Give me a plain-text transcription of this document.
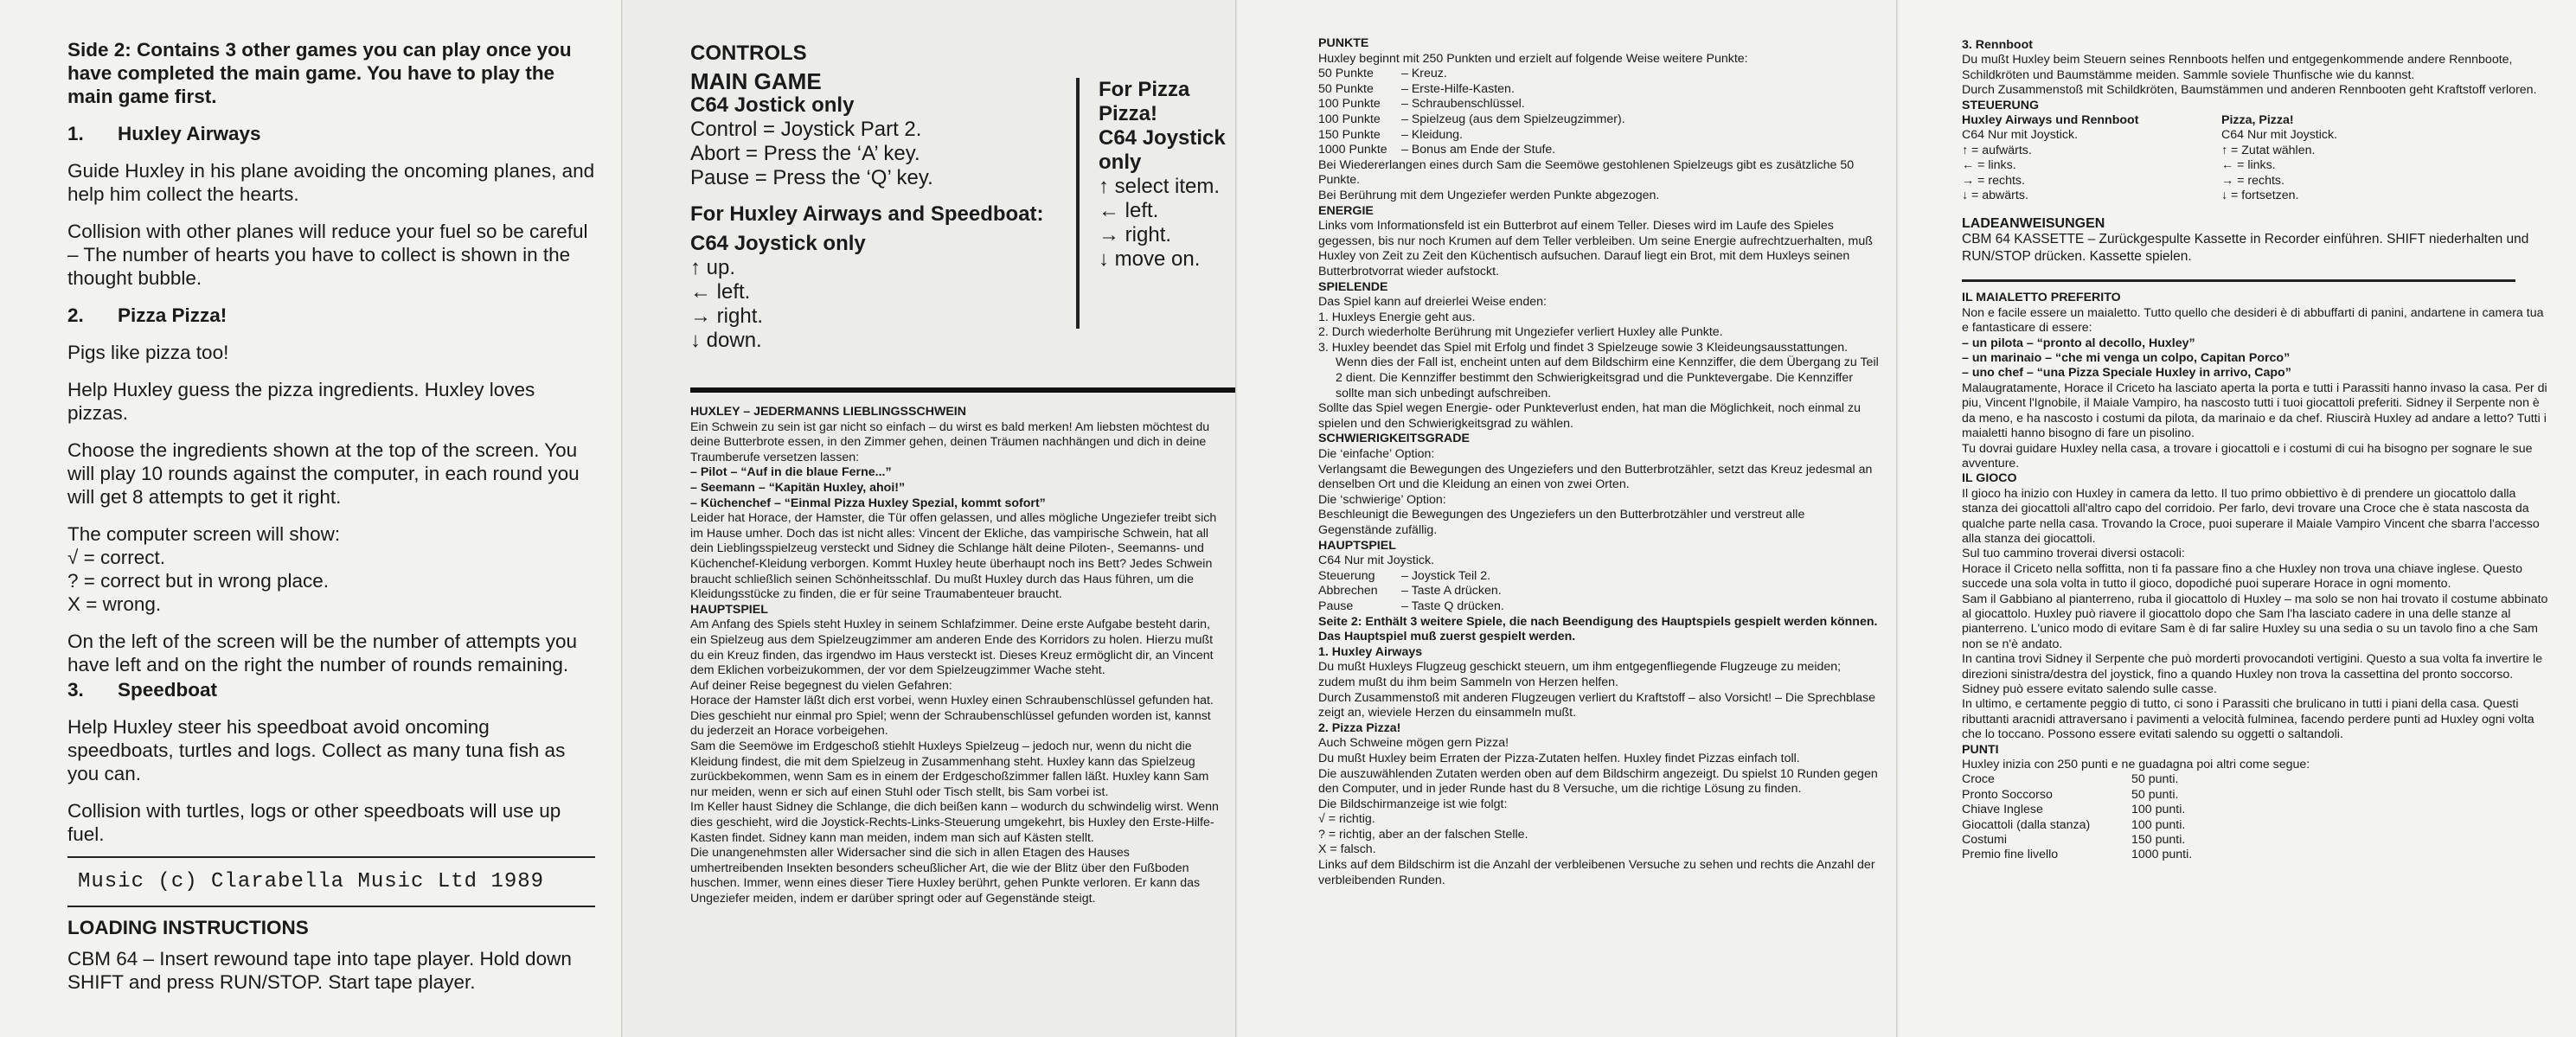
Side 2: Contains 3 other games you can play once you have completed the main game. You have to play the main game first.

1. Huxley Airways

Guide Huxley in his plane avoiding the oncoming planes, and help him collect the hearts.

Collision with other planes will reduce your fuel so be careful – The number of hearts you have to collect is shown in the thought bubble.

2. Pizza Pizza!

Pigs like pizza too!

Help Huxley guess the pizza ingredients. Huxley loves pizzas.

Choose the ingredients shown at the top of the screen. You will play 10 rounds against the computer, in each round you will get 8 attempts to get it right.

The computer screen will show:

√ = correct.
? = correct but in wrong place.

X = wrong.

On the left of the screen will be the number of attempts you have left and on the right the number of rounds remaining.

3. Speedboat

Help Huxley steer his speedboat avoid oncoming speedboats, turtles and logs. Collect as many tuna fish as you can.

Collision with turtles, logs or other speedboats will use up fuel.

Music (c) Clarabella Music Ltd 1989
LOADING INSTRUCTIONS
CBM 64 – Insert rewound tape into tape player. Hold down SHIFT and press RUN/STOP. Start tape player.
CONTROLS
MAIN GAME
C64 Jostick only
Control = Joystick Part 2.
Abort = Press the ‘A’ key.
Pause = Press the ‘Q’ key.
For Huxley Airways and Speedboat:
C64 Joystick only
↑ up.
← left.
→ right.
↓ down.
For Pizza Pizza!
C64 Joystick only
↑ select item.
← left.
→ right.
↓ move on.
HUXLEY – JEDERMANNS LIEBLINGSSCHWEIN

Ein Schwein zu sein ist gar nicht so einfach – du wirst es bald merken! Am liebsten möchtest du deine Butterbrote essen, in den Zimmer gehen, deinen Träumen nachhängen und dich in deine Traumberufe versetzen lassen:

– Pilot – “Auf in die blaue Ferne...”
– Seemann – “Kapitän Huxley, ahoi!”
– Küchenchef – “Einmal Pizza Huxley Spezial, kommt sofort”

Leider hat Horace, der Hamster, die Tür offen gelassen, und alles mögliche Ungeziefer treibt sich im Hause umher. Doch das ist nicht alles: Vincent der Ekliche, das vampirische Schwein, hat all dein Lieblingsspielzeug versteckt und Sidney die Schlange hält deine Piloten-, Seemanns- und Küchenchef-Kleidung verborgen. Kommt Huxley heute überhaupt noch ins Bett? Jedes Schwein braucht schließlich seinen Schönheitsschlaf. Du mußt Huxley durch das Haus führen, um die Kleidungsstücke zu finden, die er für seine Traumabenteuer braucht.

HAUPTSPIEL

Am Anfang des Spiels steht Huxley in seinem Schlafzimmer. Deine erste Aufgabe besteht darin, ein Spielzeug aus dem Spielzeugzimmer am anderen Ende des Korridors zu holen. Hierzu mußt du ein Kreuz finden, das irgendwo im Haus versteckt ist. Dieses Kreuz ermöglicht dir, an Vincent dem Eklichen vorbeizukommen, der vor dem Spielzeugzimmer Wache steht.

Auf deiner Reise begegnest du vielen Gefahren:

Horace der Hamster läßt dich erst vorbei, wenn Huxley einen Schraubenschlüssel gefunden hat. Dies geschieht nur einmal pro Spiel; wenn der Schraubenschlüssel gefunden worden ist, kannst du jederzeit an Horace vorbeigehen.

Sam die Seemöwe im Erdgeschoß stiehlt Huxleys Spielzeug – jedoch nur, wenn du nicht die Kleidung findest, die mit dem Spielzeug in Zusammenhang steht. Huxley kann das Spielzeug zurückbekommen, wenn Sam es in einem der Erdgeschoßzimmer fallen läßt. Huxley kann Sam nur meiden, wenn er sich auf einen Stuhl oder Tisch stellt, bis Sam vorbei ist.

Im Keller haust Sidney die Schlange, die dich beißen kann – wodurch du schwindelig wirst. Wenn dies geschieht, wird die Joystick-Rechts-Links-Steuerung umgekehrt, bis Huxley den Erste-Hilfe-Kasten findet. Sidney kann man meiden, indem man sich auf Kästen stellt.

Die unangenehmsten aller Widersacher sind die sich in allen Etagen des Hauses umhertreibenden Insekten besonders scheußlicher Art, die wie der Blitz über den Fußboden huschen. Immer, wenn eines dieser Tiere Huxley berührt, gehen Punkte verloren. Er kann das Ungeziefer meiden, indem er darüber springt oder auf Gegenstände steigt.

PUNKTE

Huxley beginnt mit 250 Punkten und erzielt auf folgende Weise weitere Punkte:

50 Punkte – Kreuz.
50 Punkte – Erste-Hilfe-Kasten.
100 Punkte – Schraubenschlüssel.
100 Punkte – Spielzeug (aus dem Spielzeugzimmer).
150 Punkte – Kleidung.
1000 Punkte – Bonus am Ende der Stufe.

Bei Wiedererlangen eines durch Sam die Seemöwe gestohlenen Spielzeugs gibt es zusätzliche 50 Punkte.

Bei Berührung mit dem Ungeziefer werden Punkte abgezogen.

ENERGIE

Links vom Informationsfeld ist ein Butterbrot auf einem Teller. Dieses wird im Laufe des Spieles gegessen, bis nur noch Krumen auf dem Teller verbleiben. Um seine Energie aufrechtzuerhalten, muß Huxley von Zeit zu Zeit den Küchentisch aufsuchen. Darauf liegt ein Brot, mit dem Huxleys seinen Butterbrotvorrat wieder aufstockt.

SPIELENDE

Das Spiel kann auf dreierlei Weise enden:

1. Huxleys Energie geht aus.

2. Durch wiederholte Berührung mit Ungeziefer verliert Huxley alle Punkte.

3. Huxley beendet das Spiel mit Erfolg und findet 3 Spielzeuge sowie 3 Kleideungsausstattungen. Wenn dies der Fall ist, encheint unten auf dem Bildschirm eine Kennziffer, die dem Übergang zu Teil 2 dient. Die Kennziffer bestimmt den Schwierigkeitsgrad und die Punktevergabe. Die Kennziffer sollte man sich unbedingt aufschreiben.

Sollte das Spiel wegen Energie- oder Punkteverlust enden, hat man die Möglichkeit, noch einmal zu spielen und den Schwierigkeitsgrad zu wählen.

SCHWIERIGKEITSGRADE

Die ‘einfache’ Option:

Verlangsamt die Bewegungen des Ungeziefers und den Butterbrotzähler, setzt das Kreuz jedesmal an denselben Ort und die Kleidung an einen von zwei Orten.

Die ‘schwierige’ Option:

Beschleunigt die Bewegungen des Ungeziefers un den Butterbrotzähler und verstreut alle Gegenstände zufällig.

HAUPTSPIEL

C64 Nur mit Joystick.

Steuerung – Joystick Teil 2.
Abbrechen – Taste A drücken.
Pause	– Taste Q drücken.

Seite 2: Enthält 3 weitere Spiele, die nach Beendigung des Hauptspiels gespielt werden können. Das Hauptspiel muß zuerst gespielt werden.

1. Huxley Airways

Du mußt Huxleys Flugzeug geschickt steuern, um ihm entgegenfliegende Flugzeuge zu meiden; zudem mußt du ihm beim Sammeln von Herzen helfen.

Durch Zusammenstoß mit anderen Flugzeugen verliert du Kraftstoff – also Vorsicht! – Die Sprechblase zeigt an, wieviele Herzen du einsammeln mußt.

2. Pizza Pizza!

Auch Schweine mögen gern Pizza!

Du mußt Huxley beim Erraten der Pizza-Zutaten helfen. Huxley findet Pizzas einfach toll.

Die auszuwählenden Zutaten werden oben auf dem Bildschirm angezeigt. Du spielst 10 Runden gegen den Computer, und in jeder Runde hast du 8 Versuche, um die richtige Lösung zu finden.

Die Bildschirmanzeige ist wie folgt:

√ = richtig.

? = richtig, aber an der falschen Stelle.

X = falsch.

Links auf dem Bildschirm ist die Anzahl der verbleibenen Versuche zu sehen und rechts die Anzahl der verbleibenden Runden.

3. Rennboot
Du mußt Huxley beim Steuern seines Rennboots helfen und entgegenkommende andere Rennboote, Schildkröten und Baumstämme meiden. Sammle soviele Thunfische wie du kannst.
Durch Zusammenstoß mit Schildkröten, Baumstämmen und anderen Rennbooten geht Kraftstoff verloren.
STEUERUNG
Huxley Airways und Rennboot
C64 Nur mit Joystick.
↑ = aufwärts.
← = links.
→ = rechts.
↓ = abwärts.
Pizza, Pizza!
C64 Nur mit Joystick.
↑ = Zutat wählen.
← = links.
→ = rechts.
↓ = fortsetzen.
LADEANWEISUNGEN
CBM 64 KASSETTE – Zurückgespulte Kassette in Recorder einführen. SHIFT niederhalten und RUN/STOP drücken. Kassette spielen.
IL MAIALETTO PREFERITO
Non e facile essere un maialetto. Tutto quello che desideri è di abbuffarti di panini, andartene in camera tua e fantasticare di essere:
– un pilota – “pronto al decollo, Huxley”
– un marinaio – “che mi venga un colpo, Capitan Porco”
– uno chef – “una Pizza Speciale Huxley in arrivo, Capo”
Malaugratamente, Horace il Criceto ha lasciato aperta la porta e tutti i Parassiti hanno invaso la casa. Per di piu, Vincent l'Ignobile, il Maiale Vampiro, ha nascosto tutti i tuoi giocattoli preferiti. Sidney il Serpente non è da meno, e ha nascosto i costumi da pilota, da marinaio e da chef. Riuscirà Huxley ad andare a letto? Tutti i maialetti hanno bisogno di fare un pisolino.
Tu dovrai guidare Huxley nella casa, a trovare i giocattoli e i costumi di cui ha bisogno per sognare le sue avventure.
IL GIOCO
Il gioco ha inizio con Huxley in camera da letto. Il tuo primo obbiettivo è di prendere un giocattolo dalla stanza dei giocattoli all'altro capo del corridoio. Per farlo, devi trovare una Croce che è stata nascosta da qualche parte nella casa. Trovando la Croce, puoi superare il Maiale Vampiro Vincent che sbarra l'accesso alla stanza dei giocattoli.
Sul tuo cammino troverai diversi ostacoli:
Horace il Criceto nella soffitta, non ti fa passare fino a che Huxley non trova una chiave inglese. Questo succede una sola volta in tutto il gioco, dopodiché puoi superare Horace in ogni momento.
Sam il Gabbiano al pianterreno, ruba il giocattolo di Huxley – ma solo se non hai trovato il costume abbinato al giocattolo. Huxley può riavere il giocattolo dopo che Sam l'ha lasciato cadere in una delle stanze al pianterreno. L'unico modo di evitare Sam è di far salire Huxley su una sedia o su un tavolo fino a che Sam non se n'è andato.
In cantina trovi Sidney il Serpente che può morderti provocandoti vertigini. Questo a sua volta fa invertire le direzioni sinistra/destra del joystick, fino a quando Huxley non trova la cassettina del pronto soccorso. Sidney può essere evitato salendo sulle casse.
In ultimo, e certamente peggio di tutto, ci sono i Parassiti che brulicano in tutti i piani della casa. Questi ributtanti aracnidi attraversano i pavimenti a velocità fulminea, facendo perdere punti ad Huxley ogni volta che lo toccano. Possono essere evitati salendo su oggetti o saltandoli.
PUNTI
Huxley inizia con 250 punti e ne guadagna poi altri come segue:
Croce	50 punti.
Pronto Soccorso	50 punti.
Chiave Inglese	100 punti.
Giocattoli (dalla stanza)	100 punti.
Costumi	150 punti.
Premio fine livello	1000 punti.
